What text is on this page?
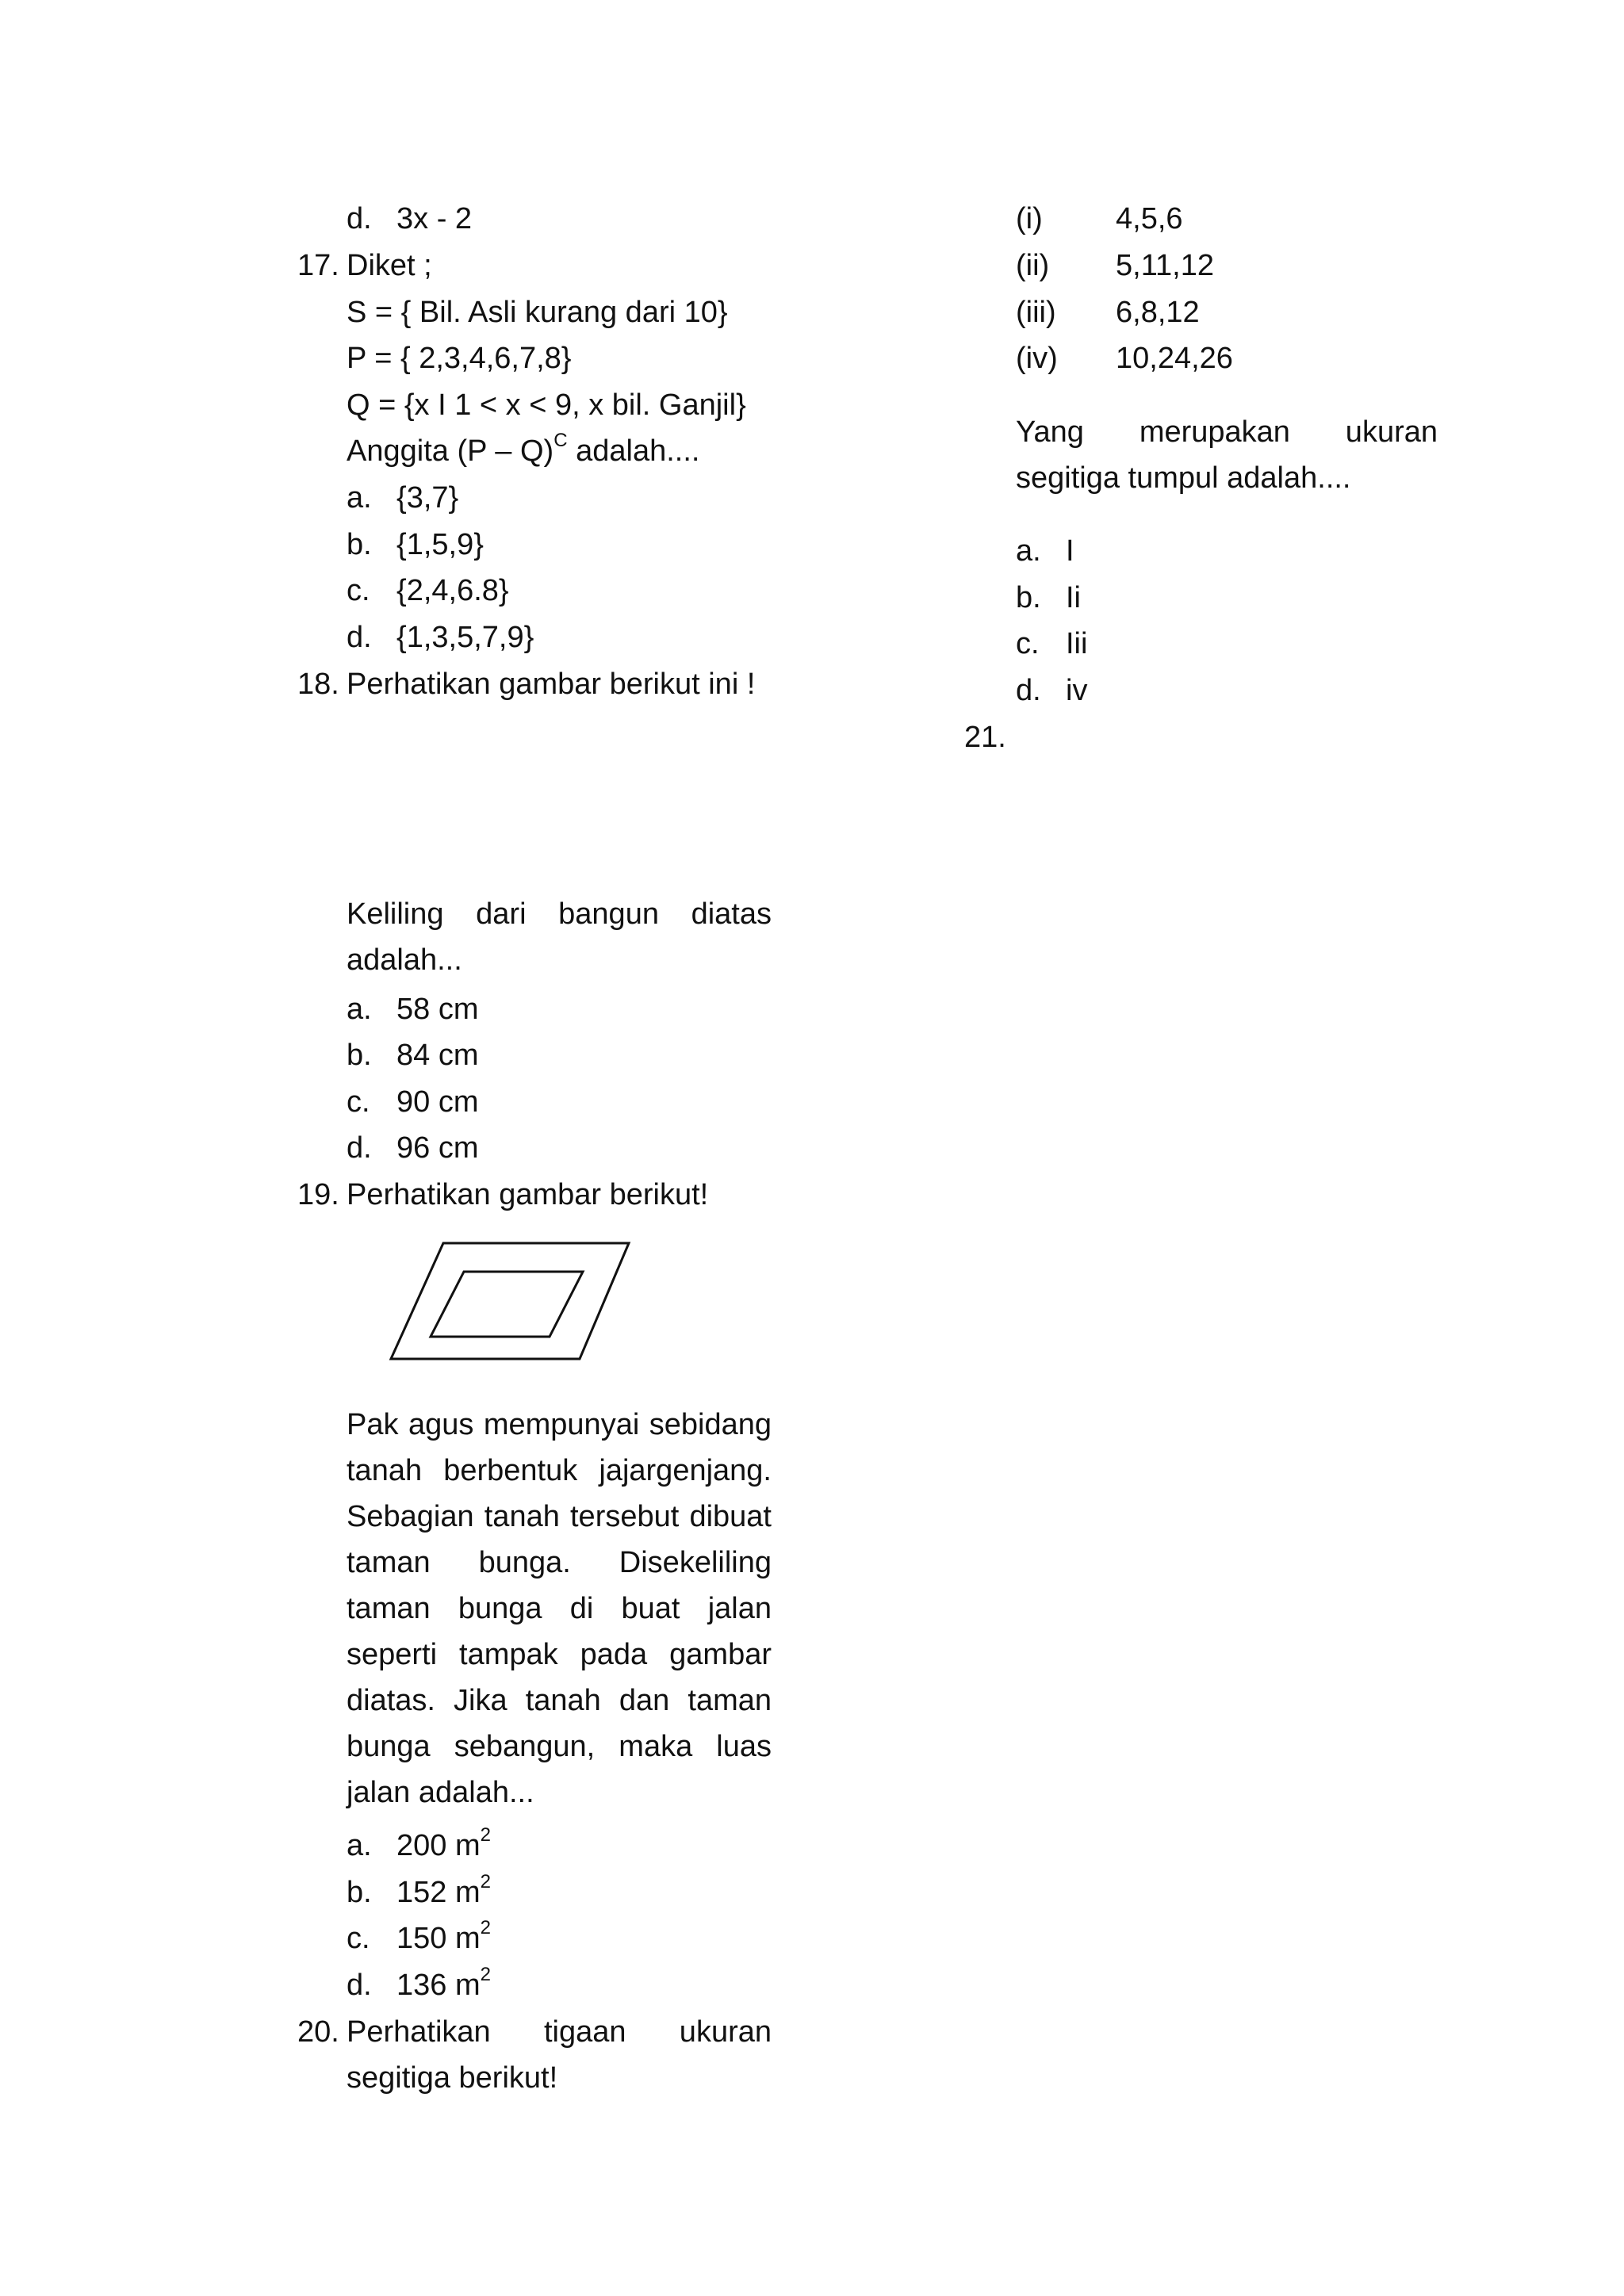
d. 3x - 2
17. Diket ;
S = { Bil. Asli kurang dari 10}
P = { 2,3,4,6,7,8}
Q = {x I 1 < x < 9, x bil. Ganjil}
Anggita (P – Q)$^C$ adalah....
a. {3,7}
b. {1,5,9}
c. {2,4,6.8}
d. {1,3,5,7,9}
18. Perhatikan gambar berikut ini !
Keliling dari bangun diatas
adalah...
a. 58 cm
b. 84 cm
c. 90 cm
d. 96 cm
19. Perhatikan gambar berikut!
Pak agus mempunyai sebidang
tanah berbentuk jajargenjang.
Sebagian tanah tersebut dibuat
taman bunga. Disekeliling
taman bunga di buat jalan
seperti tampak pada gambar
diatas. Jika tanah dan taman
bunga sebangun, maka luas
jalan adalah...
a. 200 $m^2$
b. 152 $m^2$
c. 150 $m^2$
d. 136 $m^2$
20. Perhatikan tigaan ukuran
segitiga berikut!
(i) 4,5,6
(ii) 5,11,12
(iii) 6,8,12
(iv) 10,24,26
Yang merupakan ukuran
segitiga tumpul adalah....
a. I
b. Ii
c. Iii
d. iv
21.
